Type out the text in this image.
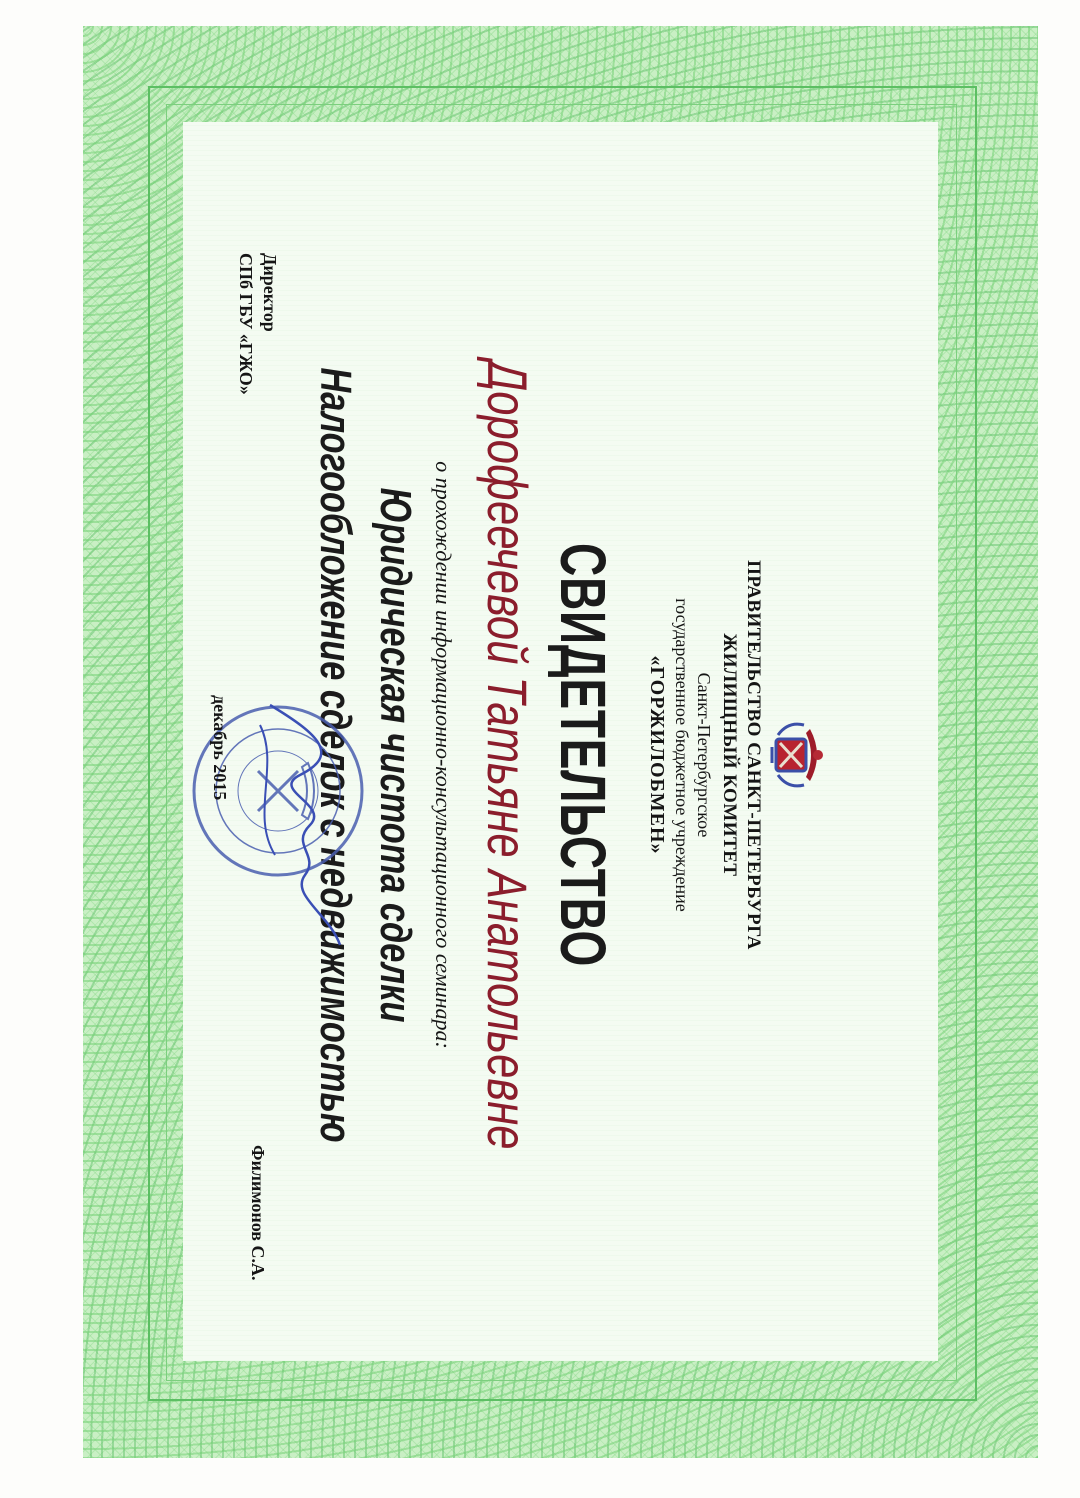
ПРАВИТЕЛЬСТВО САНКТ-ПЕТЕРБУРГА
ЖИЛИЩНЫЙ КОМИТЕТ
Санкт-Петербургское
государственное бюджетное учреждение
«ГОРЖИЛОБМЕН»
СВИДЕТЕЛЬСТВО
Дорофеечевой Татьяне Анатольевне
о прохождении информационно-консультационного семинара:
Юридическая чистота сделки
Налогообложение сделок с недвижимостью
Директор
СПб ГБУ «ГЖО»
декабрь 2015
Филимонов С.А.
